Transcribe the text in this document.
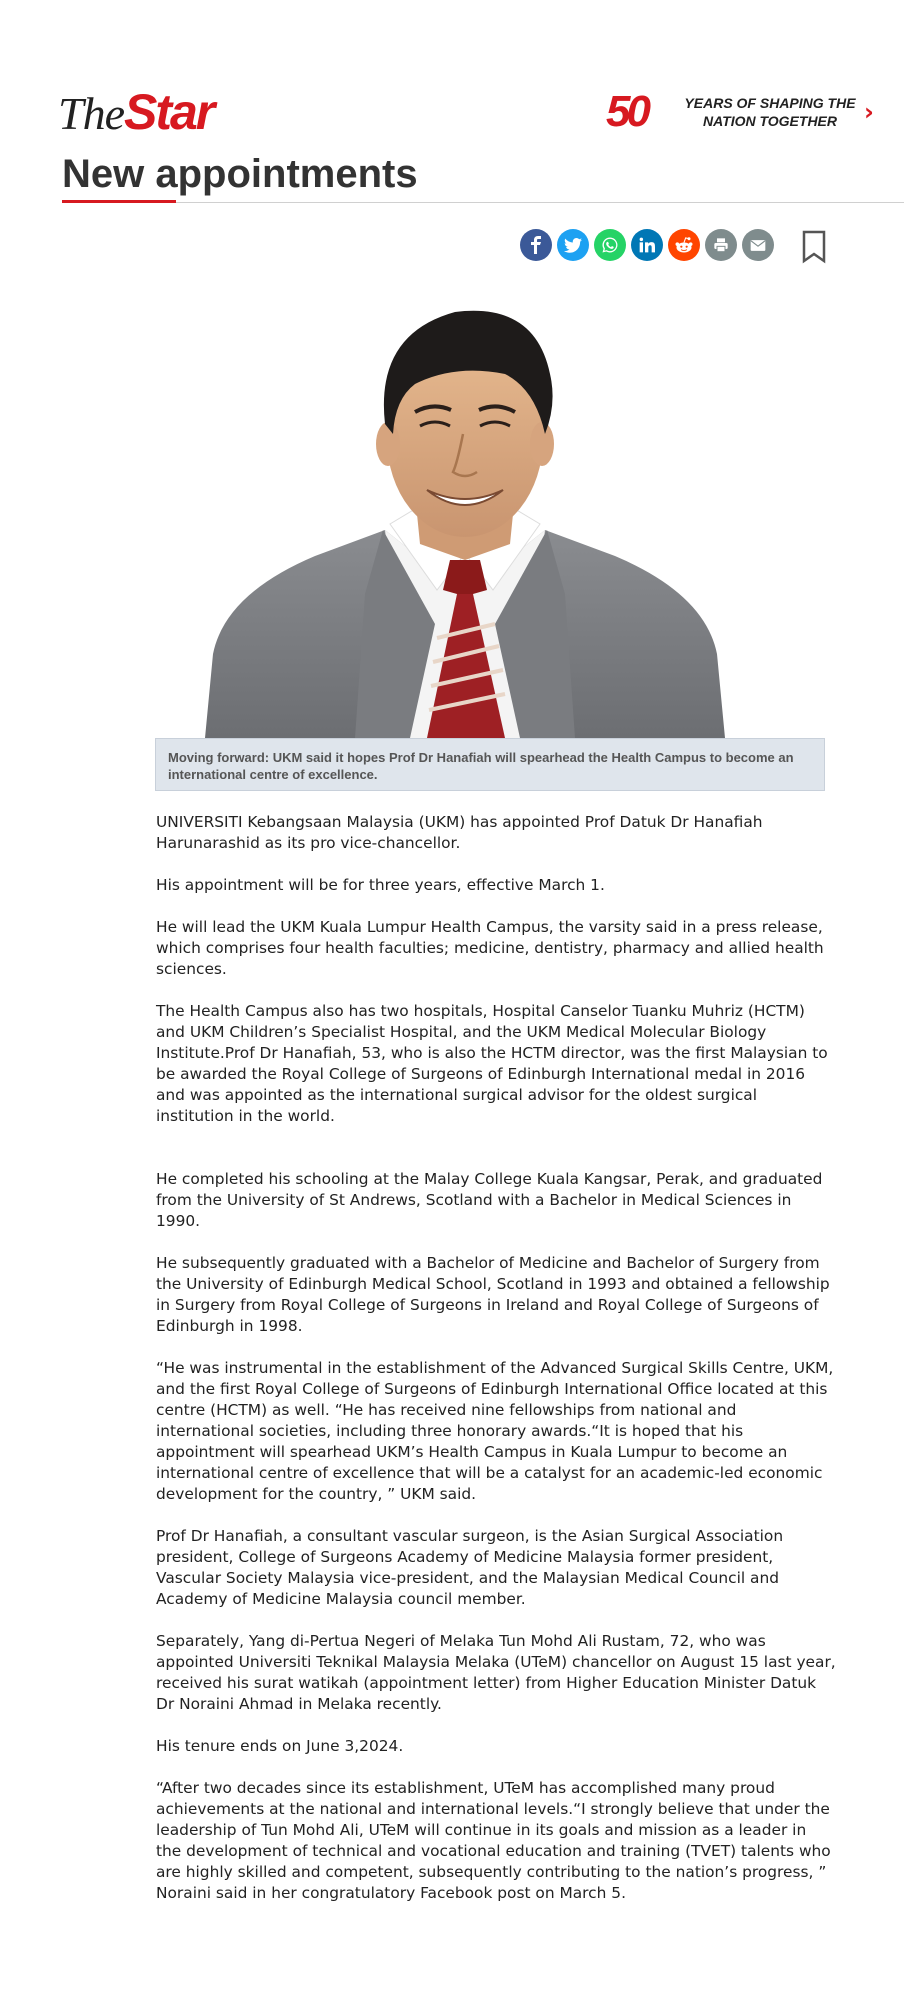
The Star	50	YEARS OF SHAPING THE
NATION TOGETHER	›
New appointments
Moving forward: UKM said it hopes Prof Dr Hanafiah will spearhead the Health Campus to become an international centre of excellence.

UNIVERSITI Kebangsaan Malaysia (UKM) has appointed Prof Datuk Dr Hanafiah Harunarashid as its pro vice-chancellor.

His appointment will be for three years, effective March 1.

He will lead the UKM Kuala Lumpur Health Campus, the varsity said in a press release, which comprises four health faculties; medicine, dentistry, pharmacy and allied health sciences.

The Health Campus also has two hospitals, Hospital Canselor Tuanku Muhriz (HCTM) and UKM Children’s Specialist Hospital, and the UKM Medical Molecular Biology Institute.Prof Dr Hanafiah, 53, who is also the HCTM director, was the first Malaysian to be awarded the Royal College of Surgeons of Edinburgh International medal in 2016 and was appointed as the international surgical advisor for the oldest surgical institution in the world.

He completed his schooling at the Malay College Kuala Kangsar, Perak, and graduated from the University of St Andrews, Scotland with a Bachelor in Medical Sciences in 1990.

He subsequently graduated with a Bachelor of Medicine and Bachelor of Surgery from the University of Edinburgh Medical School, Scotland in 1993 and obtained a fellowship in Surgery from Royal College of Surgeons in Ireland and Royal College of Surgeons of Edinburgh in 1998.

“He was instrumental in the establishment of the Advanced Surgical Skills Centre, UKM, and the first Royal College of Surgeons of Edinburgh International Office located at this centre (HCTM) as well. “He has received nine fellowships from national and international societies, including three honorary awards.“It is hoped that his appointment will spearhead UKM’s Health Campus in Kuala Lumpur to become an international centre of excellence that will be a catalyst for an academic-led economic development for the country, ” UKM said.

Prof Dr Hanafiah, a consultant vascular surgeon, is the Asian Surgical Association president, College of Surgeons Academy of Medicine Malaysia former president, Vascular Society Malaysia vice-president, and the Malaysian Medical Council and Academy of Medicine Malaysia council member.

Separately, Yang di-Pertua Negeri of Melaka Tun Mohd Ali Rustam, 72, who was appointed Universiti Teknikal Malaysia Melaka (UTeM) chancellor on August 15 last year, received his surat watikah (appointment letter) from Higher Education Minister Datuk Dr Noraini Ahmad in Melaka recently.

His tenure ends on June 3,2024.

“After two decades since its establishment, UTeM has accomplished many proud achievements at the national and international levels.“I strongly believe that under the leadership of Tun Mohd Ali, UTeM will continue in its goals and mission as a leader in the development of technical and vocational education and training (TVET) talents who are highly skilled and competent, subsequently contributing to the nation’s progress, ” Noraini said in her congratulatory Facebook post on March 5.
